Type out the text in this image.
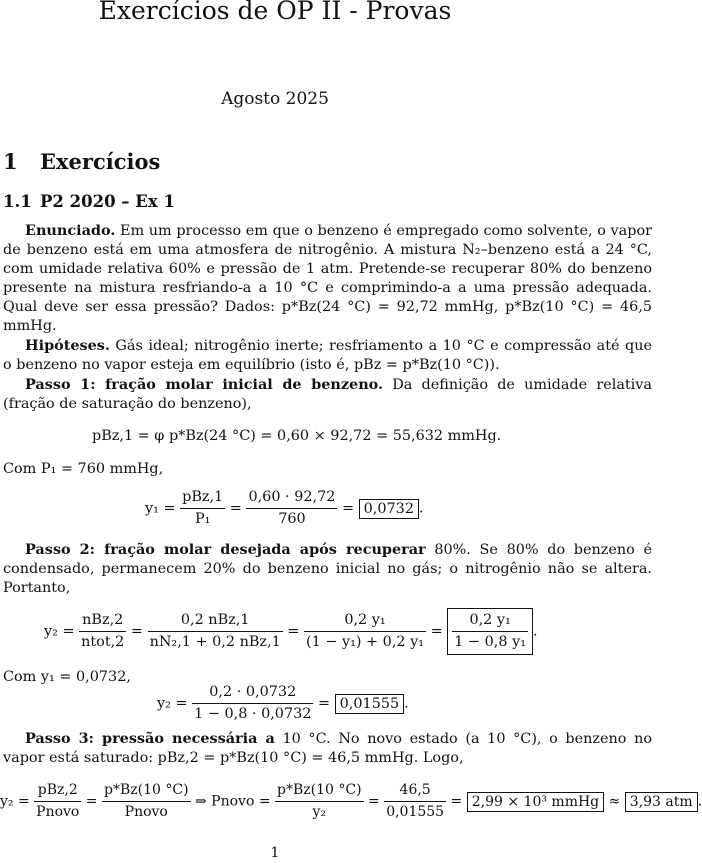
Exercícios de OP II - Provas
Agosto 2025
1 Exercícios
1.1 P2 2020 – Ex 1
Enunciado. Em um processo em que o benzeno é empregado como solvente, o vapor de benzeno está em uma atmosfera de nitrogênio. A mistura N₂–benzeno está a 24 °C, com umidade relativa 60% e pressão de 1 atm. Pretende-se recuperar 80% do benzeno presente na mistura resfriando-a a 10 °C e comprimindo-a a uma pressão adequada. Qual deve ser essa pressão? Dados: p*Bz(24 °C) = 92,72 mmHg, p*Bz(10 °C) = 46,5 mmHg.
Hipóteses. Gás ideal; nitrogênio inerte; resfriamento a 10 °C e compressão até que o benzeno no vapor esteja em equilíbrio (isto é, pBz = p*Bz(10 °C)).
Passo 1: fração molar inicial de benzeno. Da definição de umidade relativa (fração de saturação do benzeno),
pBz,1 = φ p*Bz(24 °C) = 0,60 × 92,72 = 55,632 mmHg.
Com P₁ = 760 mmHg,
$y_1 = \frac{\text{pBz,1}}{\text{P₁}} = \frac{0,60 \cdot 92,72}{760} = 0,0732$ .
Passo 2: fração molar desejada após recuperar 80%. Se 80% do benzeno é condensado, permanecem 20% do benzeno inicial no gás; o nitrogênio não se altera. Portanto,
$y_2 = \frac{\text{nBz,2}}{\text{ntot,2}} = \frac{\text{0,2 nBz,1}}{\text{nN₂,1 + 0,2 nBz,1}} = \frac{\text{0,2 y₁}}{\text{(1 − y₁) + 0,2 y₁}} = \frac{\text{0,2 y₁}}{\text{1 − 0,8 y₁}}$ .
Com y₁ = 0,0732,
$y_2 = \frac{0,2 \cdot 0,0732}{1 - 0,8 \cdot 0,0732} = 0,01555$ .
Passo 3: pressão necessária a 10 °C. No novo estado (a 10 °C), o benzeno no vapor está saturado: pBz,2 = p*Bz(10 °C) = 46,5 mmHg. Logo,
$y_2 = \frac{\text{pBz,2}}{\text{Pnovo}} = \frac{p*Bz(10 ^\circ C)}{\text{Pnovo}}$ ⇒ Pnovo = $\frac{p*Bz(10 ^\circ C)}{\text{y₂}} = \frac{46,5}{0,01555} = 2,99 \times 10^3$ mmHg ≈ 3,93 atm .
1
